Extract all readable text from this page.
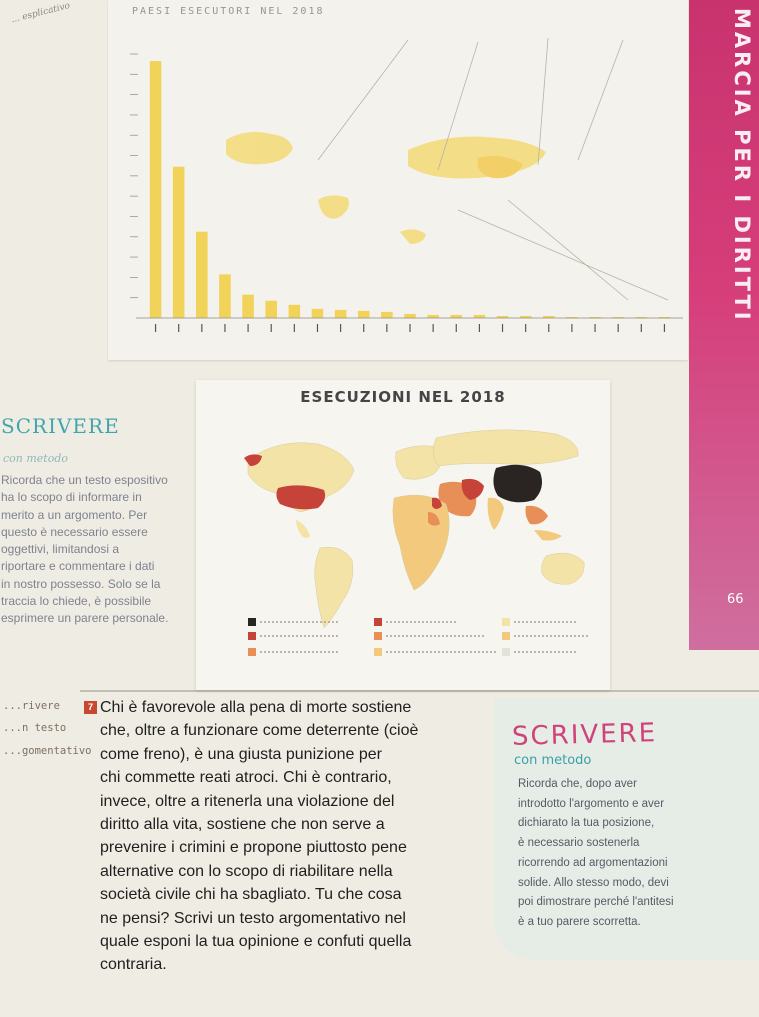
... esplicativo	PAESI ESECUTORI NEL 2018	MARCIA PER I DIRITTI

66

SCRIVERE

con metodo

Ricorda che un testo espositivo
ha lo scopo di informare in
merito a un argomento. Per
questo è necessario essere
oggettivi, limitandosi a
riportare e commentare i dati
in nostro possesso. Solo se la
traccia lo chiede, è possibile
esprimere un parere personale.

ESECUZIONI NEL 2018

...rivere

...n testo

...gomentativo

7 Chi è favorevole alla pena di morte sostiene
che, oltre a funzionare come deterrente (cioè
come freno), è una giusta punizione per
chi commette reati atroci. Chi è contrario,
invece, oltre a ritenerla una violazione del
diritto alla vita, sostiene che non serve a
prevenire i crimini e propone piuttosto pene
alternative con lo scopo di riabilitare nella
società civile chi ha sbagliato. Tu che cosa
ne pensi? Scrivi un testo argomentativo nel
quale esponi la tua opinione e confuti quella
contraria.

SCRIVERE

con metodo

Ricorda che, dopo aver
introdotto l'argomento e aver
dichiarato la tua posizione,
è necessario sostenerla
ricorrendo ad argomentazioni
solide. Allo stesso modo, devi
poi dimostrare perché l'antitesi
è a tuo parere scorretta.
